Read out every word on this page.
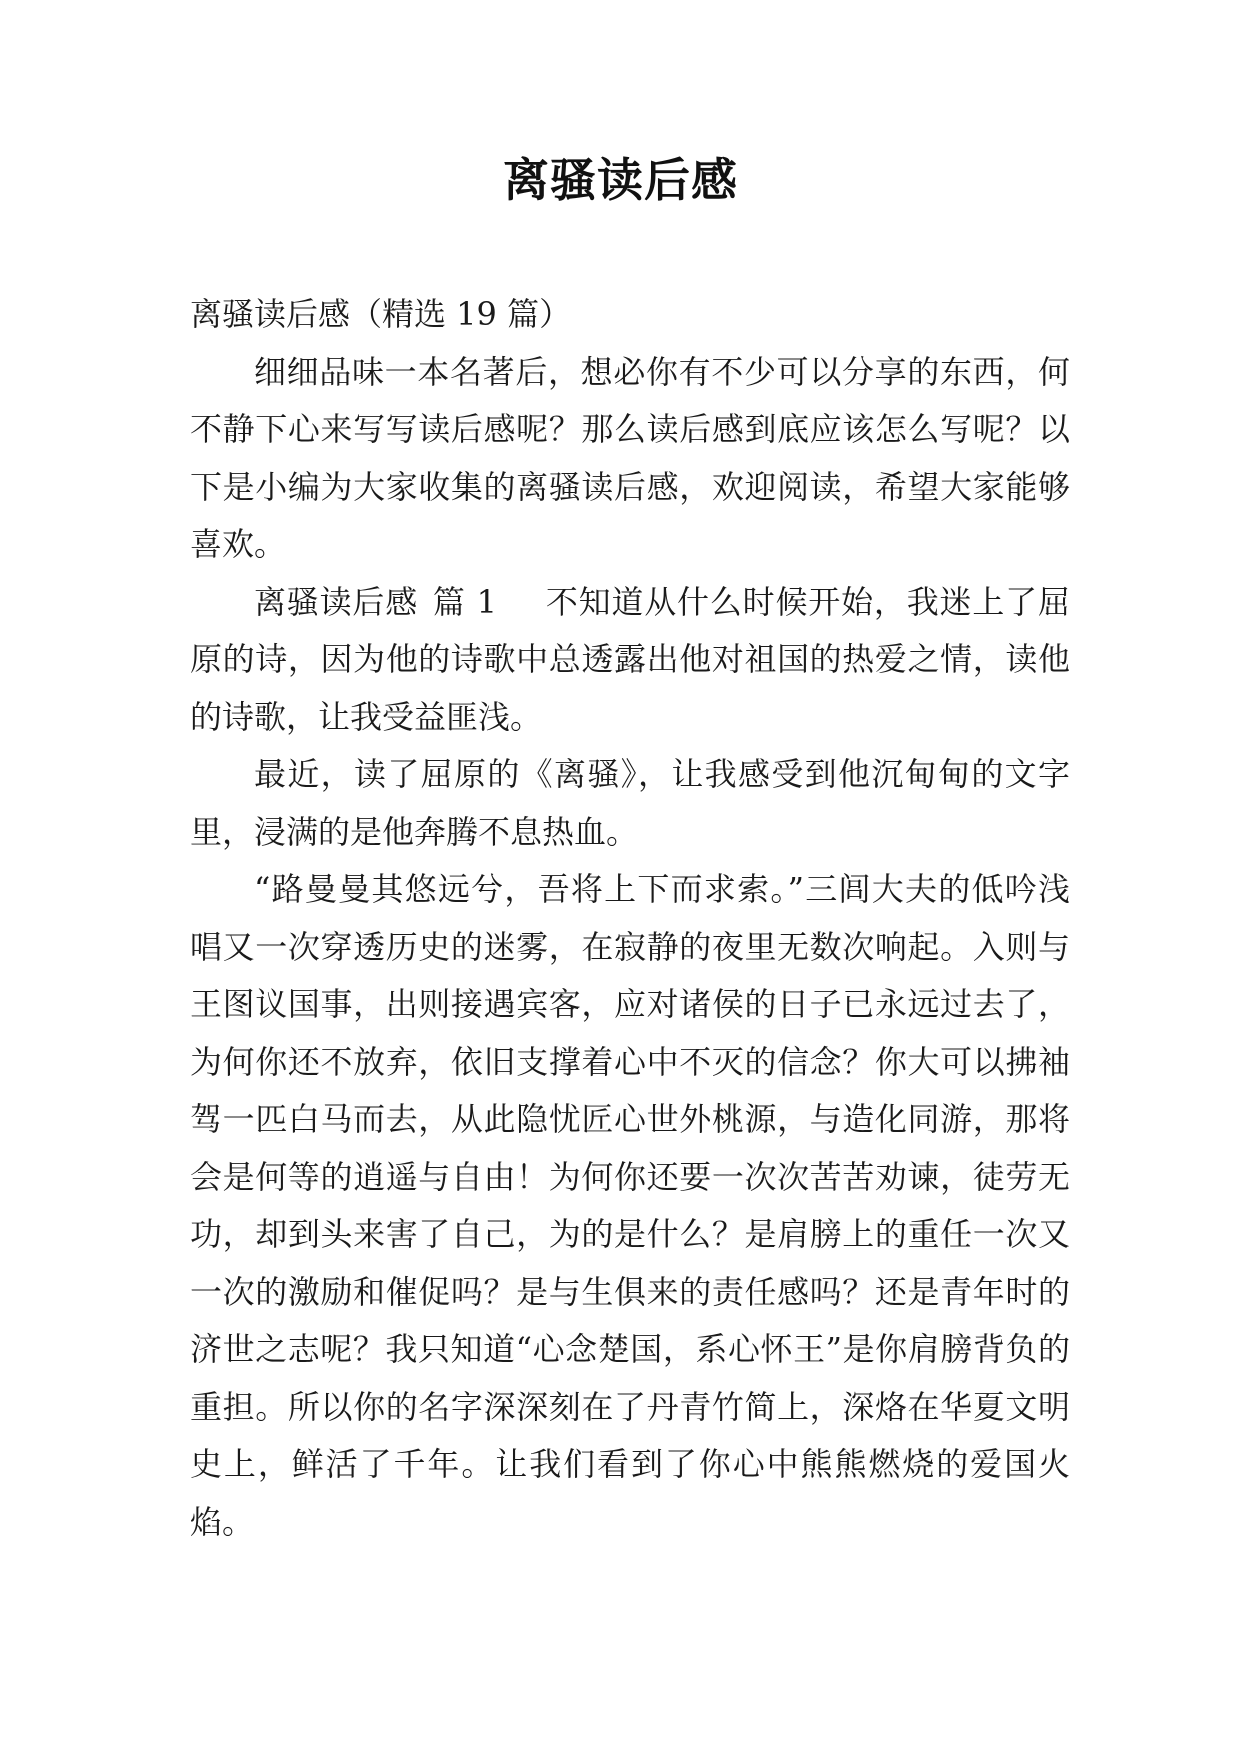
离骚读后感

离骚读后感（精选 19 篇）

细细品味一本名著后，想必你有不少可以分享的东西，何不静下心来写写读后感呢？那么读后感到底应该怎么写呢？以下是小编为大家收集的离骚读后感，欢迎阅读，希望大家能够喜欢。

离骚读后感 篇 1 不知道从什么时候开始，我迷上了屈原的诗，因为他的诗歌中总透露出他对祖国的热爱之情，读他的诗歌，让我受益匪浅。

最近，读了屈原的《离骚》，让我感受到他沉甸甸的文字里，浸满的是他奔腾不息热血。

“路曼曼其悠远兮，吾将上下而求索。”三闾大夫的低吟浅唱又一次穿透历史的迷雾，在寂静的夜里无数次响起。入则与王图议国事，出则接遇宾客，应对诸侯的日子已永远过去了，为何你还不放弃，依旧支撑着心中不灭的信念？你大可以拂袖驾一匹白马而去，从此隐忧匠心世外桃源，与造化同游，那将会是何等的逍遥与自由！为何你还要一次次苦苦劝谏，徒劳无功，却到头来害了自己，为的是什么？是肩膀上的重任一次又一次的激励和催促吗？是与生俱来的责任感吗？还是青年时的济世之志呢？我只知道“心念楚国，系心怀王”是你肩膀背负的重担。所以你的名字深深刻在了丹青竹简上，深烙在华夏文明史上，鲜活了千年。让我们看到了你心中熊熊燃烧的爱国火焰。
